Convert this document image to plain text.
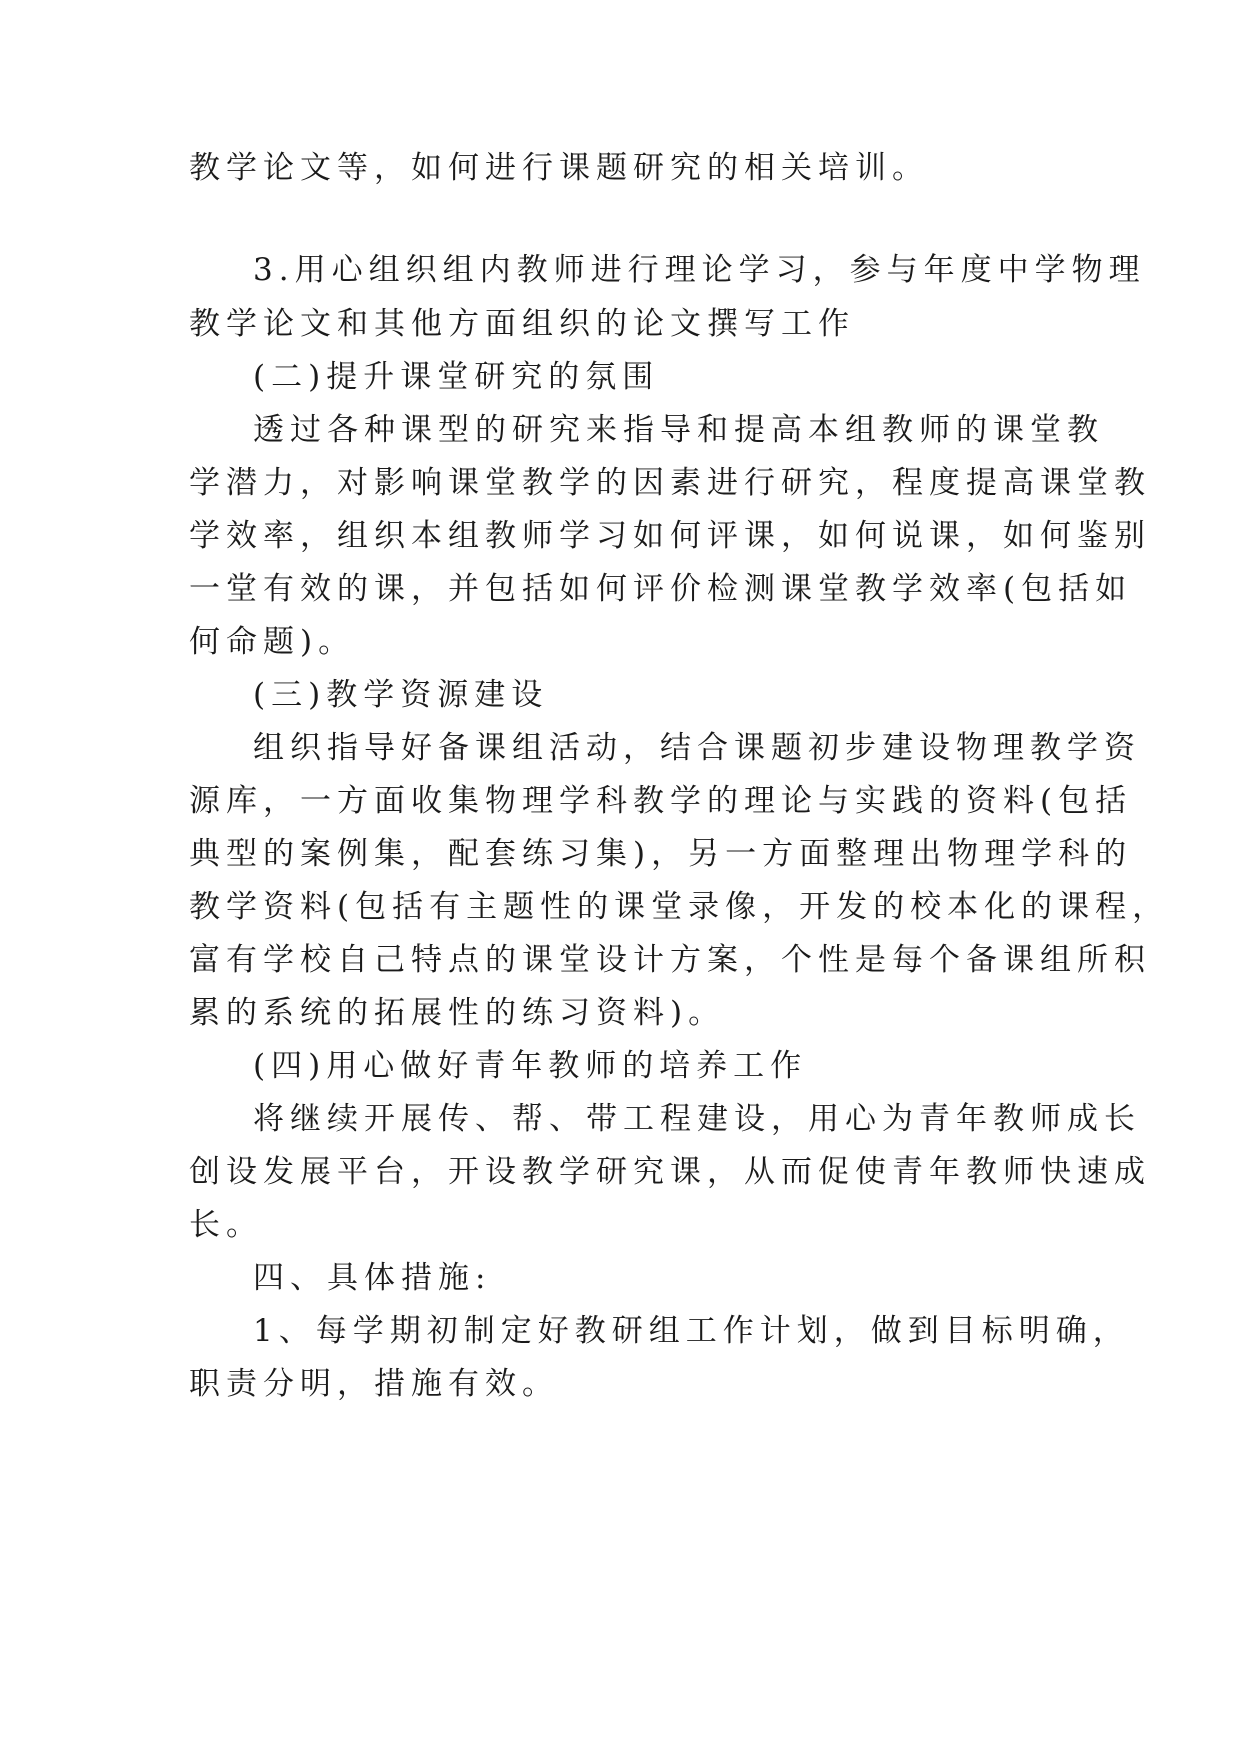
教学论文等，如何进行课题研究的相关培训。
3.用心组织组内教师进行理论学习，参与年度中学物理
教学论文和其他方面组织的论文撰写工作
(二)提升课堂研究的氛围
透过各种课型的研究来指导和提高本组教师的课堂教
学潜力，对影响课堂教学的因素进行研究，程度提高课堂教
学效率，组织本组教师学习如何评课，如何说课，如何鉴别
一堂有效的课，并包括如何评价检测课堂教学效率(包括如
何命题)。
(三)教学资源建设
组织指导好备课组活动，结合课题初步建设物理教学资
源库，一方面收集物理学科教学的理论与实践的资料(包括
典型的案例集，配套练习集)，另一方面整理出物理学科的
教学资料(包括有主题性的课堂录像，开发的校本化的课程，
富有学校自己特点的课堂设计方案，个性是每个备课组所积
累的系统的拓展性的练习资料)。
(四)用心做好青年教师的培养工作
将继续开展传、帮、带工程建设，用心为青年教师成长
创设发展平台，开设教学研究课，从而促使青年教师快速成
长。
四、具体措施:
1、每学期初制定好教研组工作计划，做到目标明确，
职责分明，措施有效。
